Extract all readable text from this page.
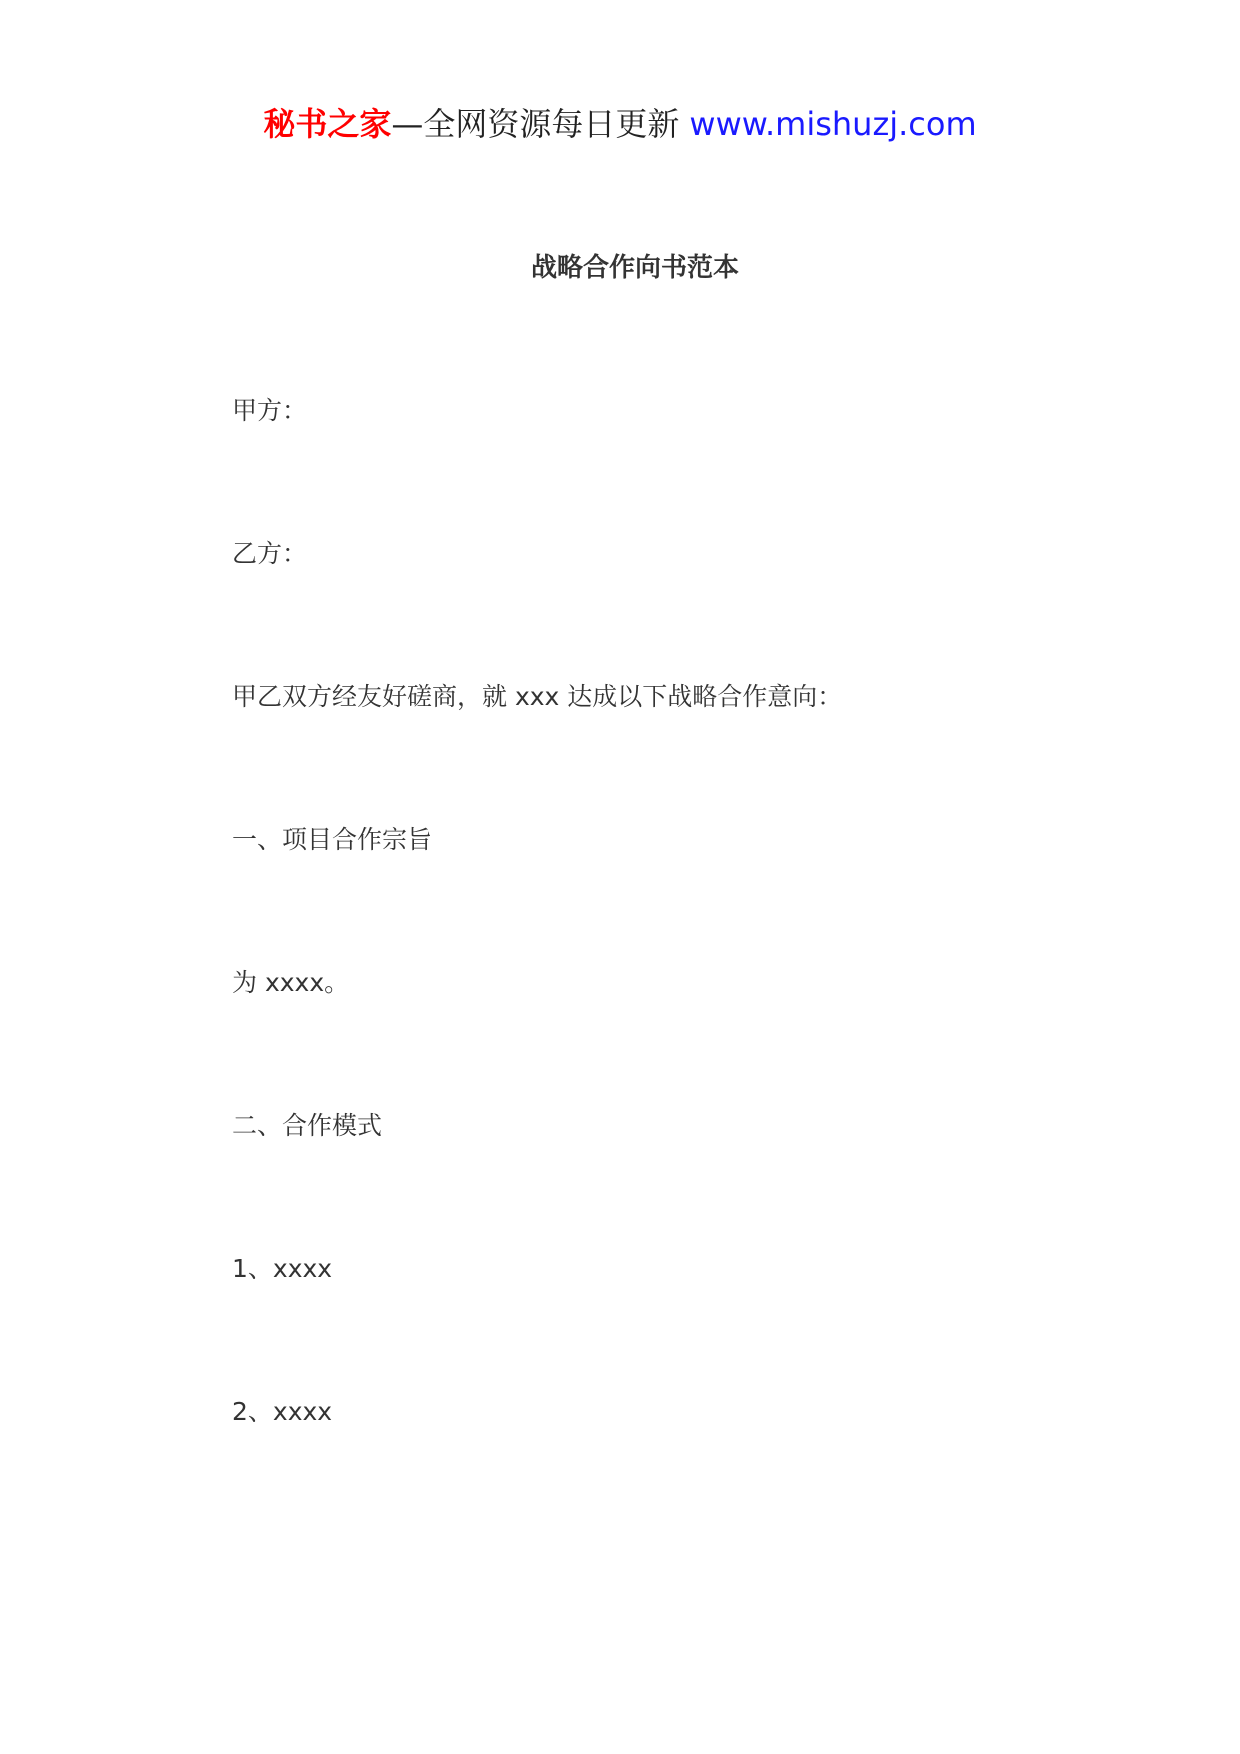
秘书之家—全网资源每日更新 www.mishuzj.com
战略合作向书范本
甲方：
乙方：
甲乙双方经友好磋商，就 xxx 达成以下战略合作意向：
一、项目合作宗旨
为 xxxx。
二、合作模式
1、xxxx
2、xxxx
